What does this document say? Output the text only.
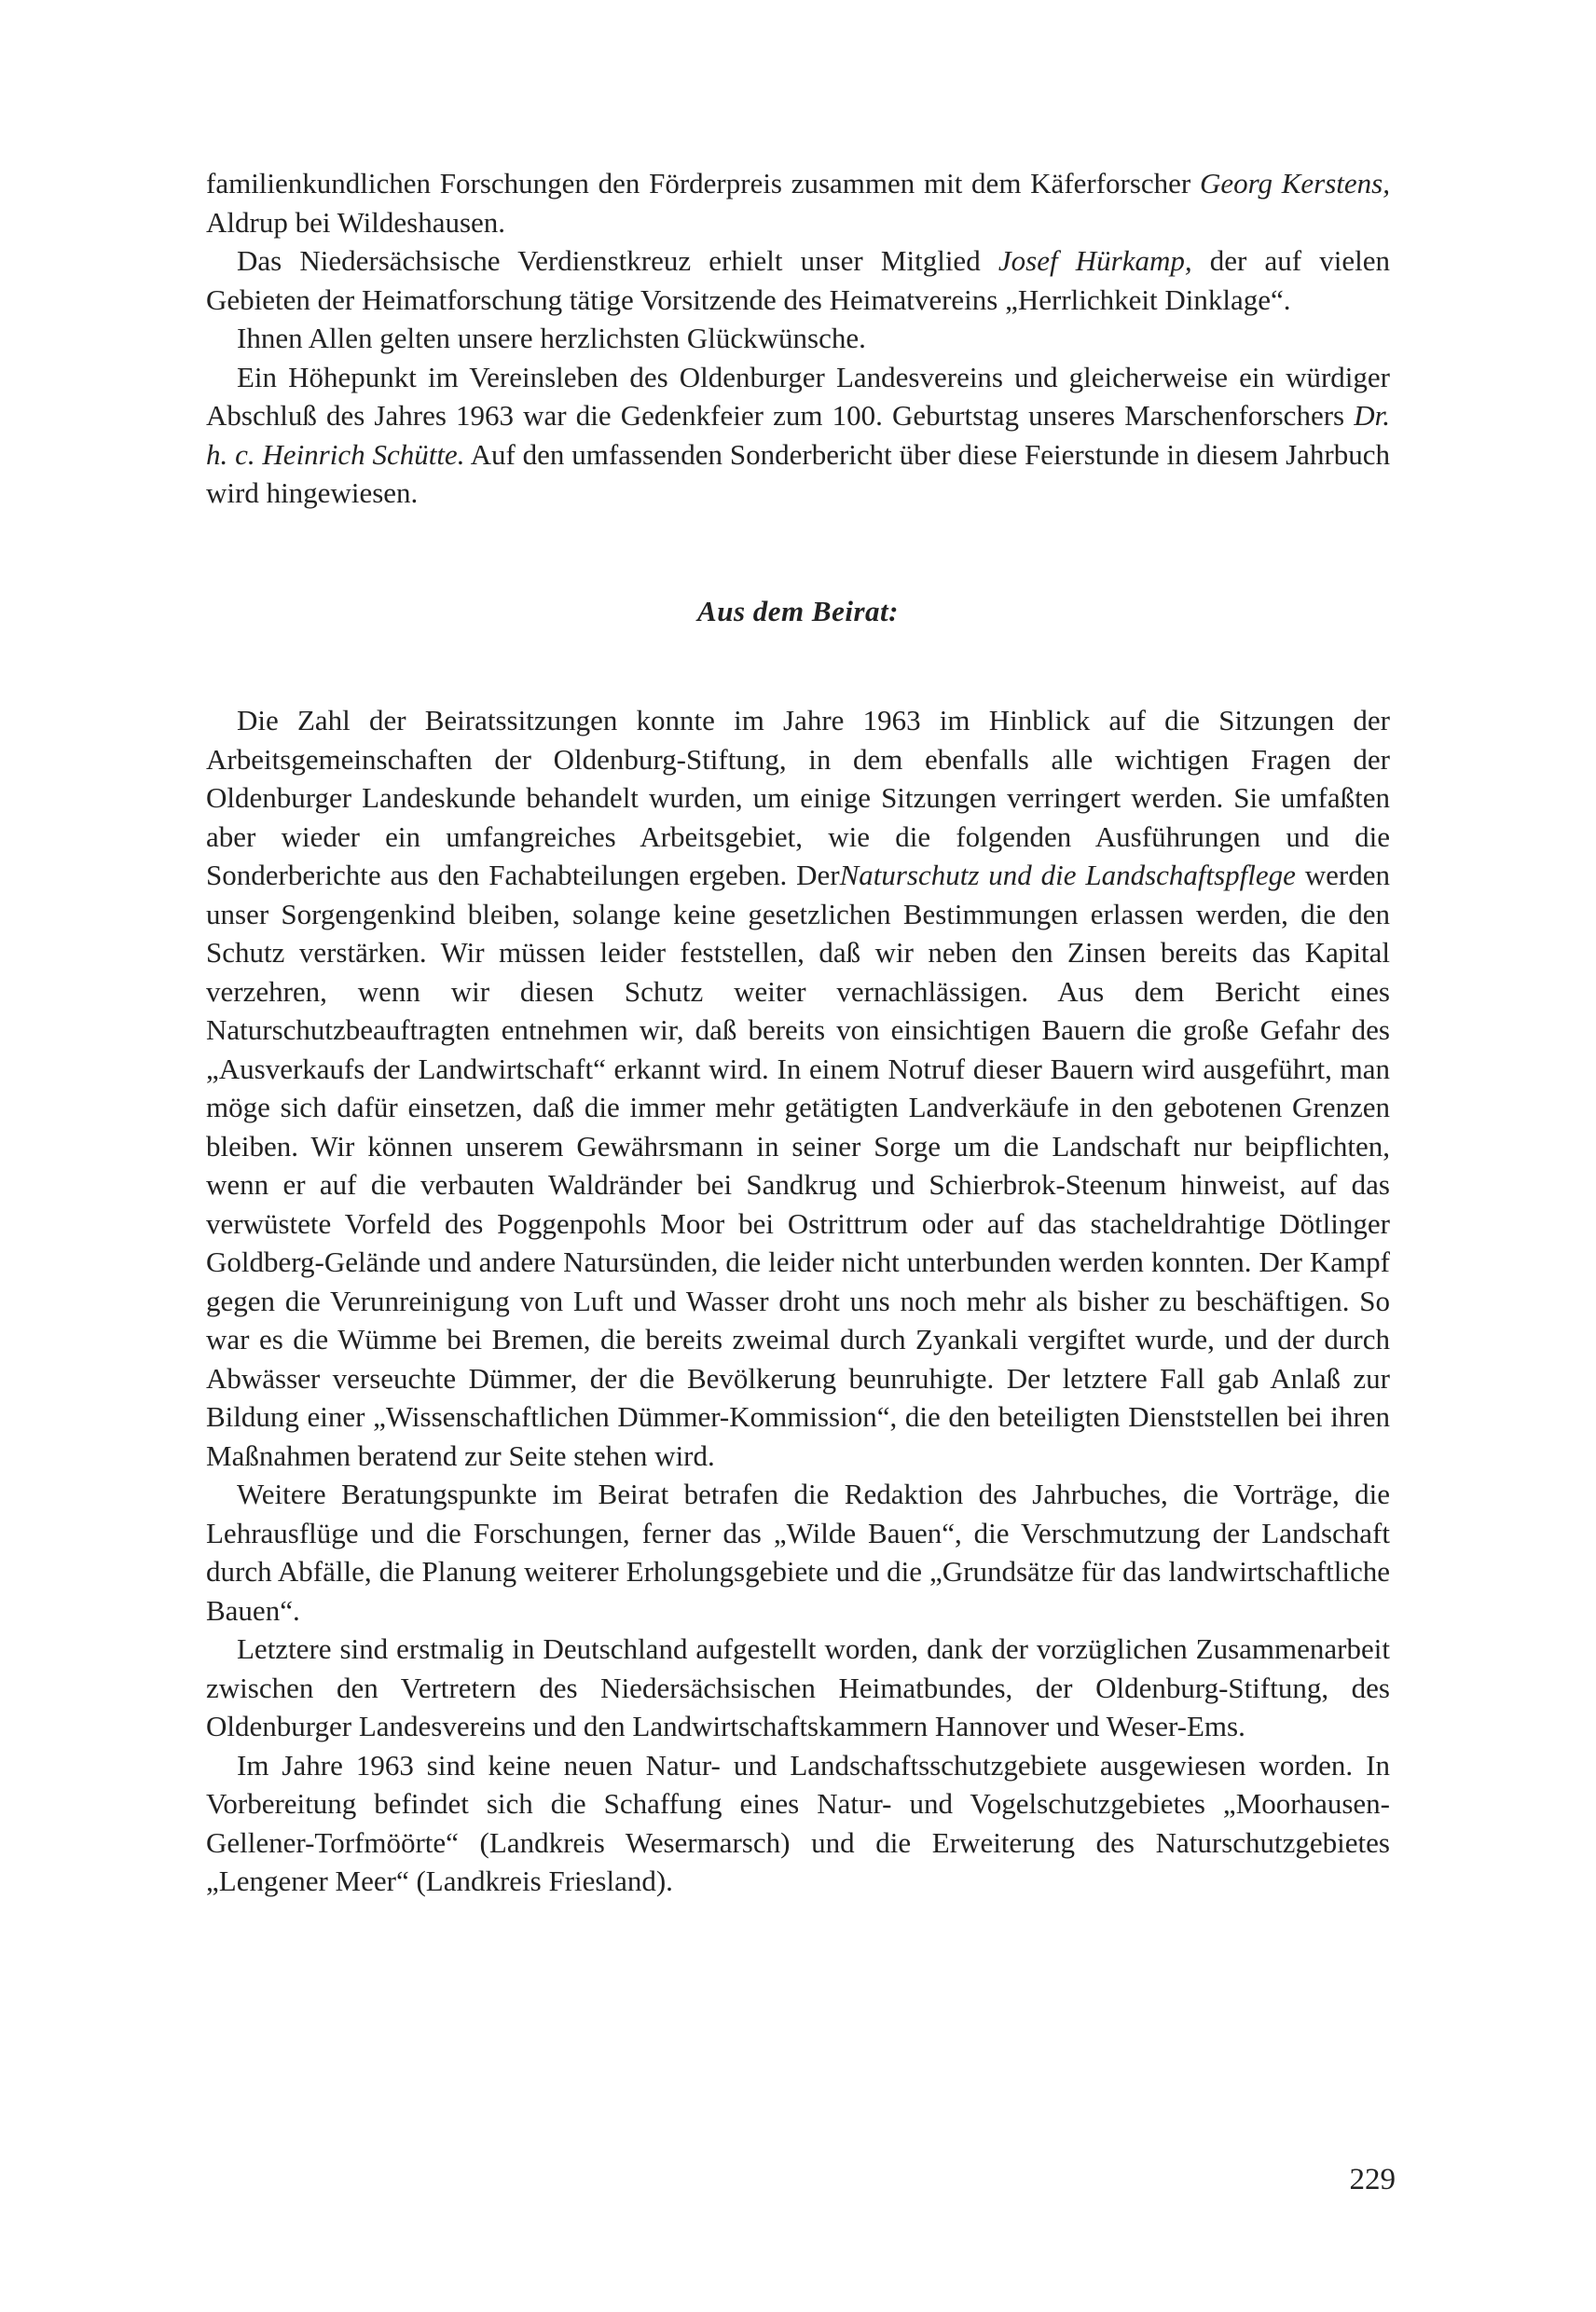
familienkundlichen Forschungen den Förderpreis zusammen mit dem Käferforscher Georg Kerstens, Aldrup bei Wildeshausen.

Das Niedersächsische Verdienstkreuz erhielt unser Mitglied Josef Hürkamp, der auf vielen Gebieten der Heimatforschung tätige Vorsitzende des Heimatvereins „Herrlichkeit Dinklage“.

Ihnen Allen gelten unsere herzlichsten Glückwünsche.

Ein Höhepunkt im Vereinsleben des Oldenburger Landesvereins und gleicherweise ein würdiger Abschluß des Jahres 1963 war die Gedenkfeier zum 100. Geburtstag unseres Marschenforschers Dr. h. c. Heinrich Schütte. Auf den umfassenden Sonderbericht über diese Feierstunde in diesem Jahrbuch wird hingewiesen.

Aus dem Beirat:

Die Zahl der Beiratssitzungen konnte im Jahre 1963 im Hinblick auf die Sitzungen der Arbeitsgemeinschaften der Oldenburg-Stiftung, in dem ebenfalls alle wichtigen Fragen der Oldenburger Landeskunde behandelt wurden, um einige Sitzungen verringert werden. Sie umfaßten aber wieder ein umfangreiches Arbeitsgebiet, wie die folgenden Ausführungen und die Sonderberichte aus den Fachabteilungen ergeben. DerNaturschutz und die Landschaftspflege werden unser Sorgengenkind bleiben, solange keine gesetzlichen Bestimmungen erlassen werden, die den Schutz verstärken. Wir müssen leider feststellen, daß wir neben den Zinsen bereits das Kapital verzehren, wenn wir diesen Schutz weiter vernachlässigen. Aus dem Bericht eines Naturschutzbeauftragten entnehmen wir, daß bereits von einsichtigen Bauern die große Gefahr des „Ausverkaufs der Landwirtschaft“ erkannt wird. In einem Notruf dieser Bauern wird ausgeführt, man möge sich dafür einsetzen, daß die immer mehr getätigten Landverkäufe in den gebotenen Grenzen bleiben. Wir können unserem Gewährsmann in seiner Sorge um die Landschaft nur beipflichten, wenn er auf die verbauten Waldränder bei Sandkrug und Schierbrok-Steenum hinweist, auf das verwüstete Vorfeld des Poggenpohls Moor bei Ostrittrum oder auf das stacheldrahtige Dötlinger Goldberg-Gelände und andere Natursünden, die leider nicht unterbunden werden konnten. Der Kampf gegen die Verunreinigung von Luft und Wasser droht uns noch mehr als bisher zu beschäftigen. So war es die Wümme bei Bremen, die bereits zweimal durch Zyankali vergiftet wurde, und der durch Abwässer verseuchte Dümmer, der die Bevölkerung beunruhigte. Der letztere Fall gab Anlaß zur Bildung einer „Wissenschaftlichen Dümmer-Kommission“, die den beteiligten Dienststellen bei ihren Maßnahmen beratend zur Seite stehen wird.

Weitere Beratungspunkte im Beirat betrafen die Redaktion des Jahrbuches, die Vorträge, die Lehrausflüge und die Forschungen, ferner das „Wilde Bauen“, die Verschmutzung der Landschaft durch Abfälle, die Planung weiterer Erholungsgebiete und die „Grundsätze für das landwirtschaftliche Bauen“.

Letztere sind erstmalig in Deutschland aufgestellt worden, dank der vorzüglichen Zusammenarbeit zwischen den Vertretern des Niedersächsischen Heimatbundes, der Oldenburg-Stiftung, des Oldenburger Landesvereins und den Landwirtschaftskammern Hannover und Weser-Ems.

Im Jahre 1963 sind keine neuen Natur- und Landschaftsschutzgebiete ausgewiesen worden. In Vorbereitung befindet sich die Schaffung eines Natur- und Vogelschutzgebietes „Moorhausen-Gellener-Torfmöörte“ (Landkreis Wesermarsch) und die Erweiterung des Naturschutzgebietes „Lengener Meer“ (Landkreis Friesland).

229
